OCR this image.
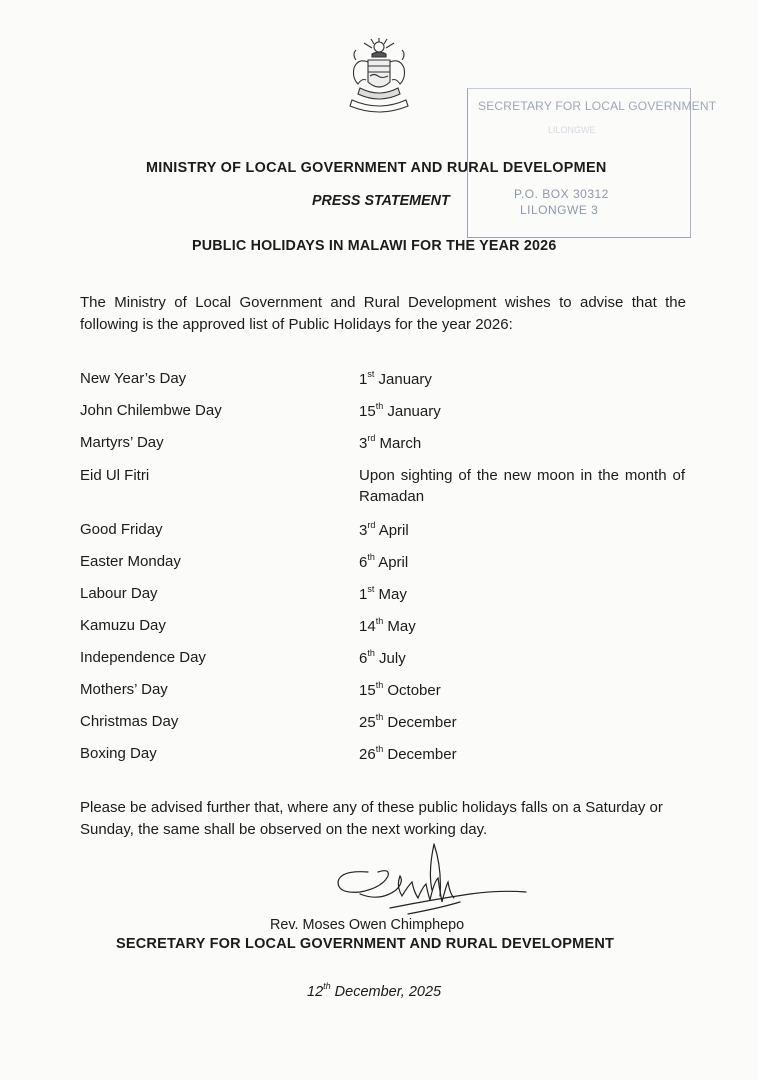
SECRETARY FOR LOCAL GOVERNMENT

LILONGWE

P.O. BOX 30312

LILONGWE 3

MINISTRY OF LOCAL GOVERNMENT AND RURAL DEVELOPMEN

PRESS STATEMENT

PUBLIC HOLIDAYS IN MALAWI FOR THE YEAR 2026

The Ministry of Local Government and Rural Development wishes to advise that the following is the approved list of Public Holidays for the year 2026:

New Year’s Day	1st January

John Chilembwe Day	15th January

Martyrs’ Day	3rd March

Eid Ul Fitri	Upon sighting of the new moon in the month of Ramadan

Good Friday	3rd April

Easter Monday	6th April

Labour Day	1st May

Kamuzu Day	14th May

Independence Day	6th July

Mothers’ Day	15th October

Christmas Day	25th December

Boxing Day	26th December

Please be advised further that, where any of these public holidays falls on a Saturday or Sunday, the same shall be observed on the next working day.

Rev. Moses Owen Chimphepo

SECRETARY FOR LOCAL GOVERNMENT AND RURAL DEVELOPMENT

12th December, 2025
